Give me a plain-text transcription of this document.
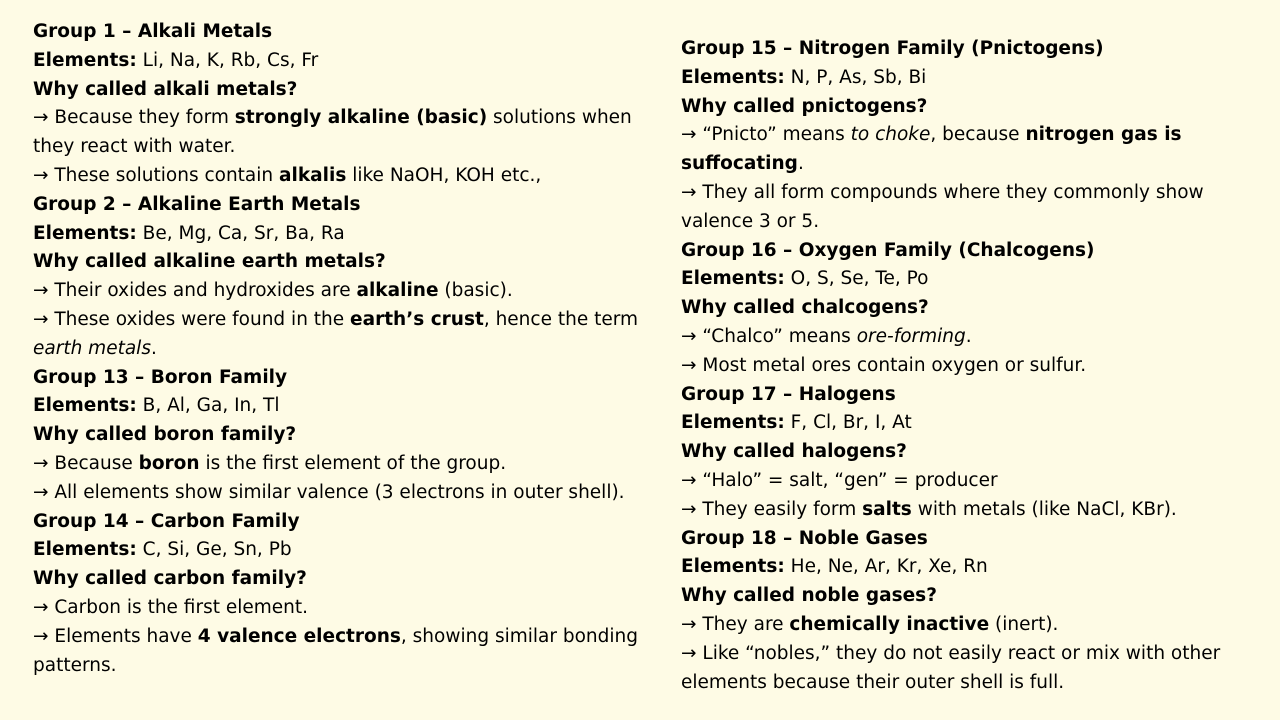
Group 1 – Alkali Metals
Elements: Li, Na, K, Rb, Cs, Fr
Why called alkali metals?
→ Because they form strongly alkaline (basic) solutions when they react with water.
→ These solutions contain alkalis like NaOH, KOH etc.,
Group 2 – Alkaline Earth Metals
Elements: Be, Mg, Ca, Sr, Ba, Ra
Why called alkaline earth metals?
→ Their oxides and hydroxides are alkaline (basic).
→ These oxides were found in the earth’s crust, hence the term earth metals.
Group 13 – Boron Family
Elements: B, Al, Ga, In, Tl
Why called boron family?
→ Because boron is the first element of the group.
→ All elements show similar valence (3 electrons in outer shell).
Group 14 – Carbon Family
Elements: C, Si, Ge, Sn, Pb
Why called carbon family?
→ Carbon is the first element.
→ Elements have 4 valence electrons, showing similar bonding patterns.
Group 15 – Nitrogen Family (Pnictogens)
Elements: N, P, As, Sb, Bi
Why called pnictogens?
→ “Pnicto” means to choke, because nitrogen gas is suffocating.
→ They all form compounds where they commonly show valence 3 or 5.
Group 16 – Oxygen Family (Chalcogens)
Elements: O, S, Se, Te, Po
Why called chalcogens?
→ “Chalco” means ore-forming.
→ Most metal ores contain oxygen or sulfur.
Group 17 – Halogens
Elements: F, Cl, Br, I, At
Why called halogens?
→ “Halo” = salt, “gen” = producer
→ They easily form salts with metals (like NaCl, KBr).
Group 18 – Noble Gases
Elements: He, Ne, Ar, Kr, Xe, Rn
Why called noble gases?
→ They are chemically inactive (inert).
→ Like “nobles,” they do not easily react or mix with other elements because their outer shell is full.
